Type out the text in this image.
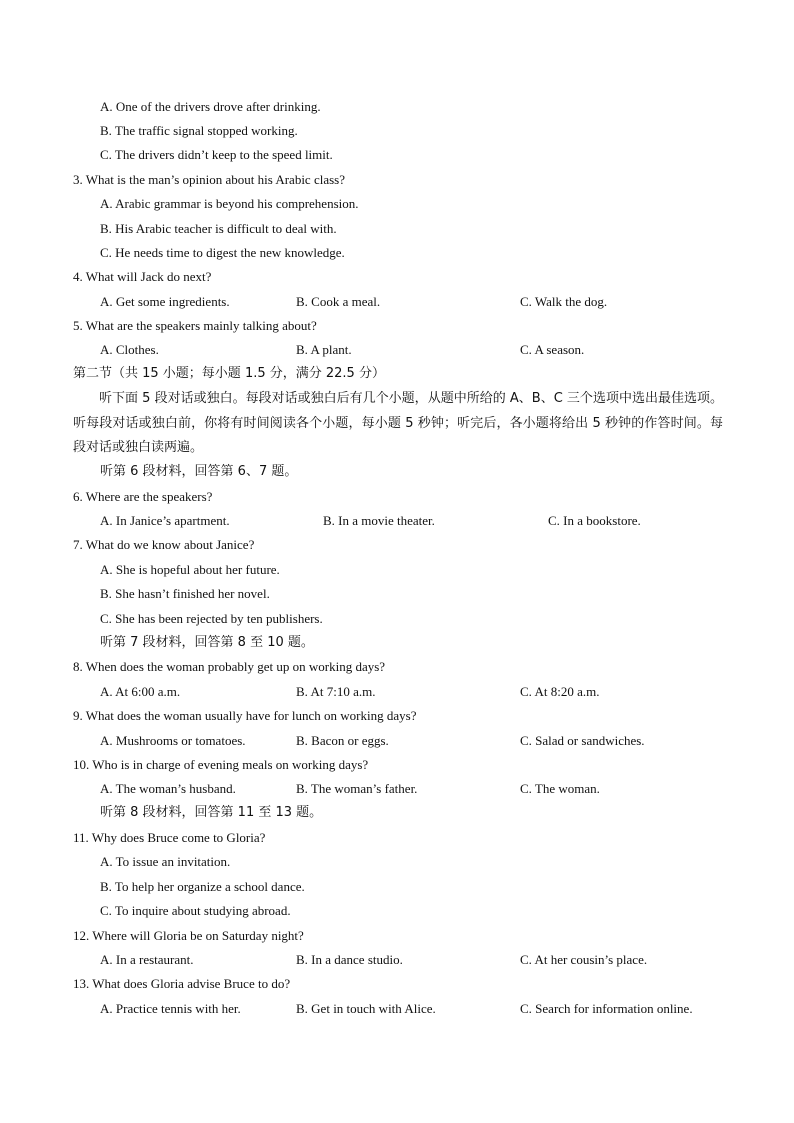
A. One of the drivers drove after drinking.
B. The traffic signal stopped working.
C. The drivers didn’t keep to the speed limit.
3. What is the man’s opinion about his Arabic class?
A. Arabic grammar is beyond his comprehension.
B. His Arabic teacher is difficult to deal with.
C. He needs time to digest the new knowledge.
4. What will Jack do next?
A. Get some ingredients.	B. Cook a meal.	C. Walk the dog.
5. What are the speakers mainly talking about?
A. Clothes.	B. A plant.	C. A season.
第二节（共 15 小题；每小题 1.5 分，满分 22.5 分）
听下面 5 段对话或独白。每段对话或独白后有几个小题，从题中所给的 A、B、C 三个选项中选出最佳选项。听每段对话或独白前，你将有时间阅读各个小题，每小题 5 秒钟；听完后，各小题将给出 5 秒钟的作答时间。每段对话或独白读两遍。
听第 6 段材料，回答第 6、7 题。
6. Where are the speakers?
A. In Janice’s apartment.	B. In a movie theater.	C. In a bookstore.
7. What do we know about Janice?
A. She is hopeful about her future.
B. She hasn’t finished her novel.
C. She has been rejected by ten publishers.
听第 7 段材料，回答第 8 至 10 题。
8. When does the woman probably get up on working days?
A. At 6:00 a.m.	B. At 7:10 a.m.	C. At 8:20 a.m.
9. What does the woman usually have for lunch on working days?
A. Mushrooms or tomatoes.	B. Bacon or eggs.	C. Salad or sandwiches.
10. Who is in charge of evening meals on working days?
A. The woman’s husband.	B. The woman’s father.	C. The woman.
听第 8 段材料，回答第 11 至 13 题。
11. Why does Bruce come to Gloria?
A. To issue an invitation.
B. To help her organize a school dance.
C. To inquire about studying abroad.
12. Where will Gloria be on Saturday night?
A. In a restaurant.	B. In a dance studio.	C. At her cousin’s place.
13. What does Gloria advise Bruce to do?
A. Practice tennis with her.	B. Get in touch with Alice.	C. Search for information online.
